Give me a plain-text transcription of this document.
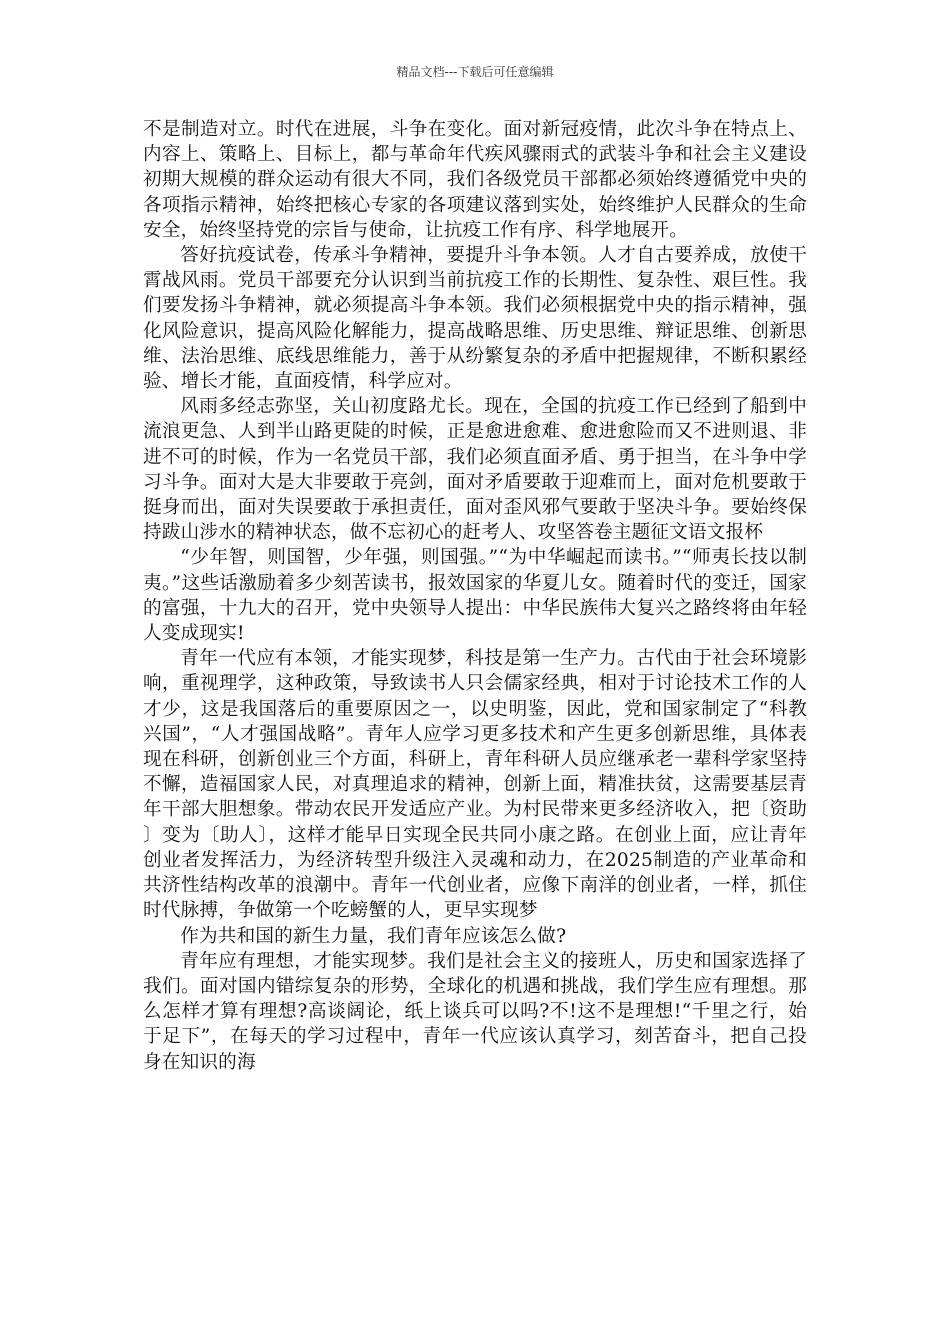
精品文档---下载后可任意编辑

不是制造对立。时代在进展，斗争在变化。面对新冠疫情，此次斗争在特点上、内容上、策略上、目标上，都与革命年代疾风骤雨式的武装斗争和社会主义建设初期大规模的群众运动有很大不同，我们各级党员干部都必须始终遵循党中央的各项指示精神，始终把核心专家的各项建议落到实处，始终维护人民群众的生命安全，始终坚持党的宗旨与使命，让抗疫工作有序、科学地展开。

答好抗疫试卷，传承斗争精神，要提升斗争本领。人才自古要养成，放使干霄战风雨。党员干部要充分认识到当前抗疫工作的长期性、复杂性、艰巨性。我们要发扬斗争精神，就必须提高斗争本领。我们必须根据党中央的指示精神，强化风险意识，提高风险化解能力，提高战略思维、历史思维、辩证思维、创新思维、法治思维、底线思维能力，善于从纷繁复杂的矛盾中把握规律，不断积累经验、增长才能，直面疫情，科学应对。

风雨多经志弥坚，关山初度路尤长。现在，全国的抗疫工作已经到了船到中流浪更急、人到半山路更陡的时候，正是愈进愈难、愈进愈险而又不进则退、非进不可的时候，作为一名党员干部，我们必须直面矛盾、勇于担当，在斗争中学习斗争。面对大是大非要敢于亮剑，面对矛盾要敢于迎难而上，面对危机要敢于挺身而出，面对失误要敢于承担责任，面对歪风邪气要敢于坚决斗争。要始终保持跋山涉水的精神状态，做不忘初心的赶考人、攻坚答卷主题征文语文报杯

“少年智，则国智，少年强，则国强。”“为中华崛起而读书。”“师夷长技以制夷。”这些话激励着多少刻苦读书，报效国家的华夏儿女。随着时代的变迁，国家的富强，十九大的召开，党中央领导人提出：中华民族伟大复兴之路终将由年轻人变成现实!

青年一代应有本领，才能实现梦，科技是第一生产力。古代由于社会环境影响，重视理学，这种政策，导致读书人只会儒家经典，相对于讨论技术工作的人才少，这是我国落后的重要原因之一，以史明鉴，因此，党和国家制定了“科教兴国”，“人才强国战略”。青年人应学习更多技术和产生更多创新思维，具体表现在科研，创新创业三个方面，科研上，青年科研人员应继承老一辈科学家坚持不懈，造福国家人民，对真理追求的精神，创新上面，精准扶贫，这需要基层青年干部大胆想象。带动农民开发适应产业。为村民带来更多经济收入，把〔资助〕变为〔助人〕，这样才能早日实现全民共同小康之路。在创业上面，应让青年创业者发挥活力，为经济转型升级注入灵魂和动力，在2025制造的产业革命和共济性结构改革的浪潮中。青年一代创业者，应像下南洋的创业者，一样，抓住时代脉搏，争做第一个吃螃蟹的人，更早实现梦

作为共和国的新生力量，我们青年应该怎么做?

青年应有理想，才能实现梦。我们是社会主义的接班人，历史和国家选择了我们。面对国内错综复杂的形势，全球化的机遇和挑战，我们学生应有理想。那么怎样才算有理想?高谈阔论，纸上谈兵可以吗?不!这不是理想!“千里之行，始于足下”，在每天的学习过程中，青年一代应该认真学习，刻苦奋斗，把自己投身在知识的海
